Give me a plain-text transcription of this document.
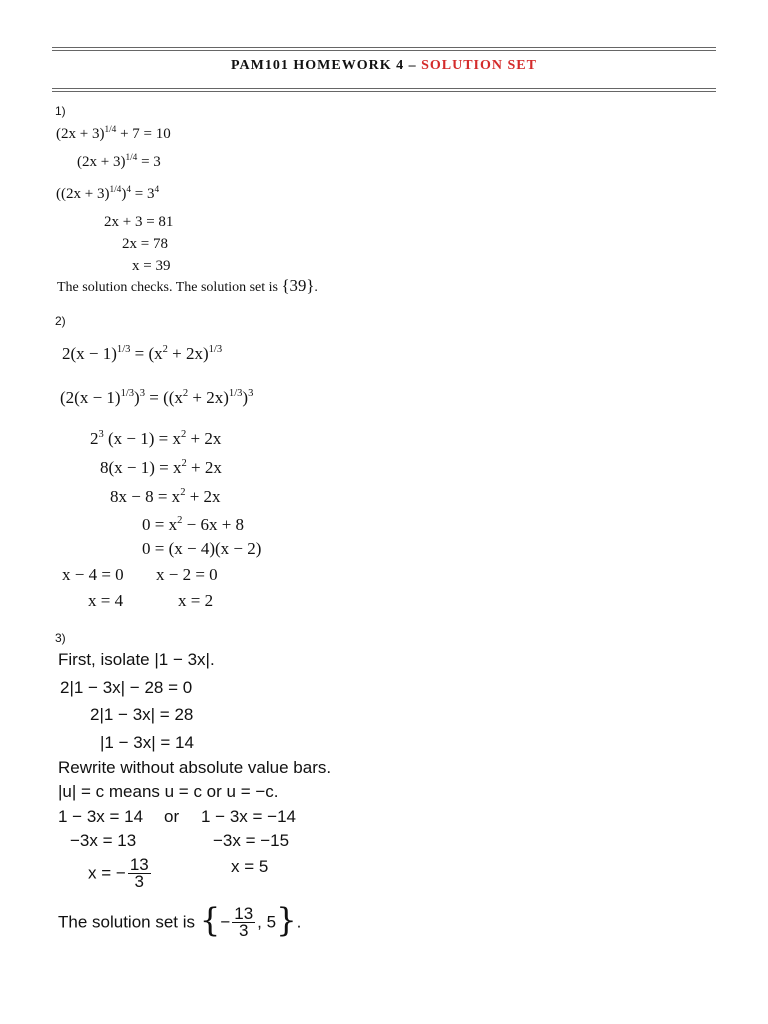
PAM101 HOMEWORK 4 – SOLUTION SET
1)
$(2x + 3)^{1/4} + 7 = 10$
$(2x + 3)^{1/4} = 3$
$((2x + 3)^{1/4})^4 = 3^4$
2x + 3 = 81
2x = 78
x = 39
The solution checks. The solution set is {39}.
2)
$2(x - 1)^{1/3} = (x^2 + 2x)^{1/3}$
$(2(x - 1)^{1/3})^3 = ((x^2 + 2x)^{1/3})^3$
$2^3$ $(x - 1) = x^2 + 2x$
$8(x - 1) = x^2 + 2x$
$8x - 8 = x^2 + 2x$
$0 = x^2 - 6x + 8$
0 = (x − 4)(x − 2)
x − 4 = 0 x − 2 = 0
x = 4	x = 2
3)
First, isolate |1 − 3x|.
2|1 − 3x| − 28 = 0
2|1 − 3x| = 28
|1 − 3x| = 14
Rewrite without absolute value bars.
|u| = c means u = c or u = −c.
1 − 3x = 14 or 1 − 3x = −14
−3x = 13	−3x = −15
x = − $\frac{13}{3}$	x = 5
The solution set is {− $\frac{13}{3}$ , 5}.
